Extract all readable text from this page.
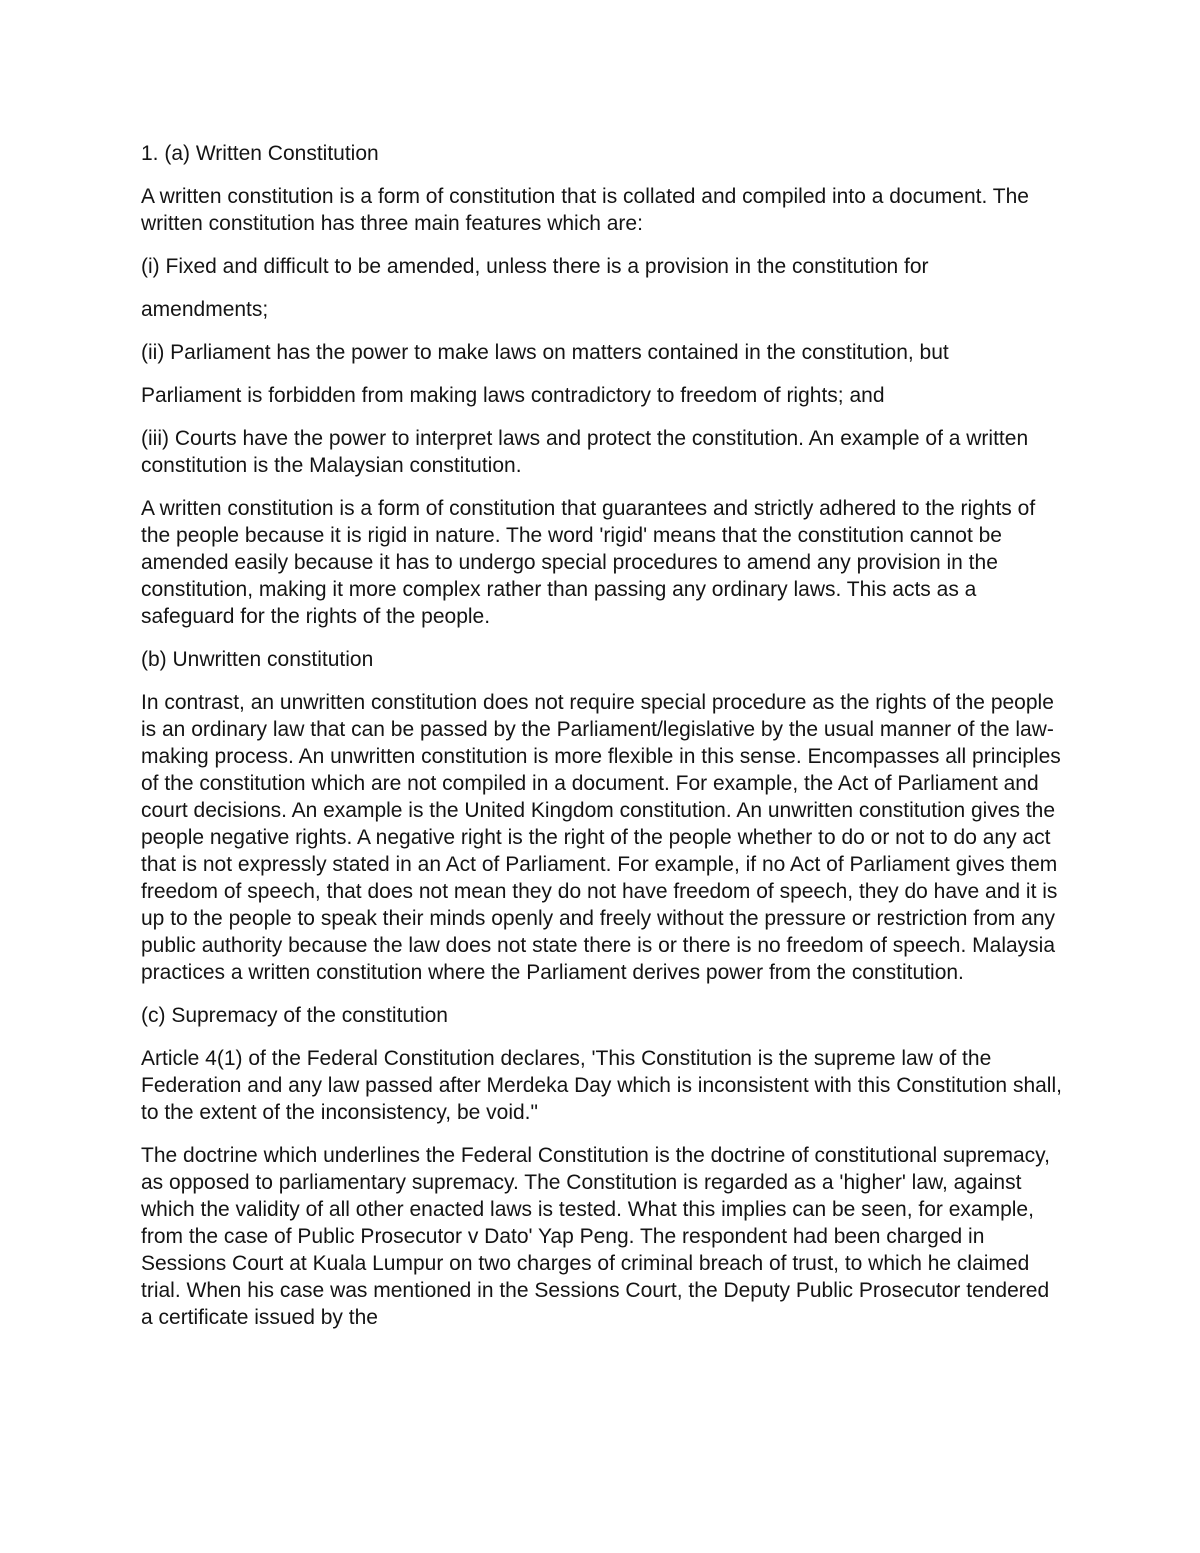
1. (a) Written Constitution

A written constitution is a form of constitution that is collated and compiled into a document. The written constitution has three main features which are:

(i) Fixed and difficult to be amended, unless there is a provision in the constitution for

amendments;

(ii) Parliament has the power to make laws on matters contained in the constitution, but

Parliament is forbidden from making laws contradictory to freedom of rights; and

(iii) Courts have the power to interpret laws and protect the constitution. An example of a written constitution is the Malaysian constitution.

A written constitution is a form of constitution that guarantees and strictly adhered to the rights of the people because it is rigid in nature. The word 'rigid' means that the constitution cannot be amended easily because it has to undergo special procedures to amend any provision in the constitution, making it more complex rather than passing any ordinary laws. This acts as a safeguard for the rights of the people.

(b) Unwritten constitution

In contrast, an unwritten constitution does not require special procedure as the rights of the people is an ordinary law that can be passed by the Parliament/legislative by the usual manner of the law-making process. An unwritten constitution is more flexible in this sense. Encompasses all principles of the constitution which are not compiled in a document. For example, the Act of Parliament and court decisions. An example is the United Kingdom constitution. An unwritten constitution gives the people negative rights. A negative right is the right of the people whether to do or not to do any act that is not expressly stated in an Act of Parliament. For example, if no Act of Parliament gives them freedom of speech, that does not mean they do not have freedom of speech, they do have and it is up to the people to speak their minds openly and freely without the pressure or restriction from any public authority because the law does not state there is or there is no freedom of speech. Malaysia practices a written constitution where the Parliament derives power from the constitution.

(c) Supremacy of the constitution

Article 4(1) of the Federal Constitution declares, 'This Constitution is the supreme law of the Federation and any law passed after Merdeka Day which is inconsistent with this Constitution shall, to the extent of the inconsistency, be void."

The doctrine which underlines the Federal Constitution is the doctrine of constitutional supremacy, as opposed to parliamentary supremacy. The Constitution is regarded as a 'higher' law, against which the validity of all other enacted laws is tested. What this implies can be seen, for example, from the case of Public Prosecutor v Dato' Yap Peng. The respondent had been charged in Sessions Court at Kuala Lumpur on two charges of criminal breach of trust, to which he claimed trial. When his case was mentioned in the Sessions Court, the Deputy Public Prosecutor tendered a certificate issued by the
